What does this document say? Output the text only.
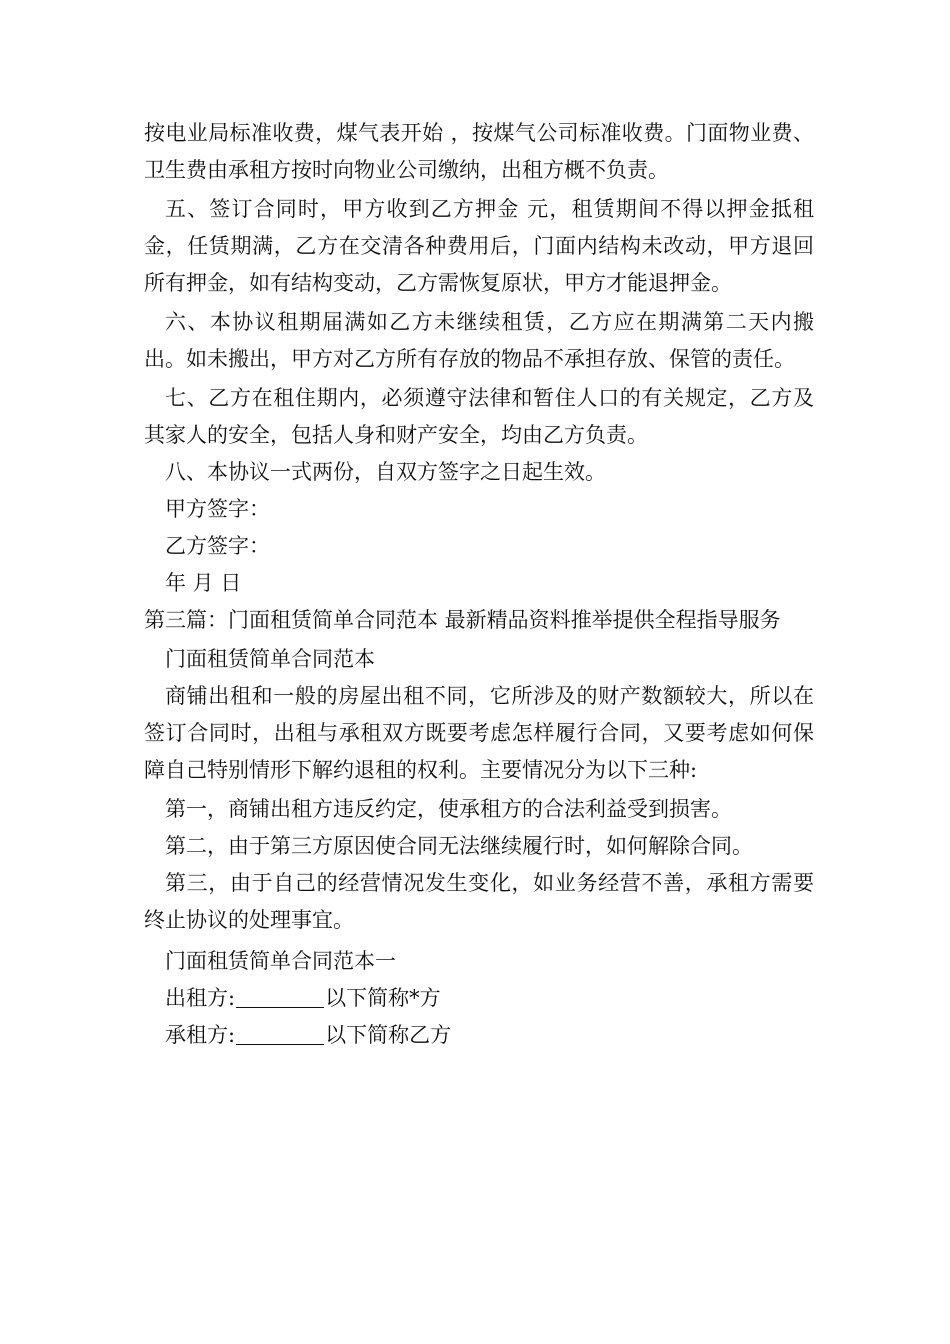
按电业局标准收费，煤气表开始 ，按煤气公司标准收费。门面物业费、卫生费由承租方按时向物业公司缴纳，出租方概不负责。

五、签订合同时，甲方收到乙方押金 元，租赁期间不得以押金抵租金，任赁期满，乙方在交清各种费用后，门面内结构未改动，甲方退回所有押金，如有结构变动，乙方需恢复原状，甲方才能退押金。

六、本协议租期届满如乙方未继续租赁，乙方应在期满第二天内搬出。如未搬出，甲方对乙方所有存放的物品不承担存放、保管的责任。

七、乙方在租住期内，必须遵守法律和暂住人口的有关规定，乙方及其家人的安全，包括人身和财产安全，均由乙方负责。

八、本协议一式两份，自双方签字之日起生效。

甲方签字：

乙方签字：

年 月 日

第三篇：门面租赁简单合同范本 最新精品资料推举提供全程指导服务

门面租赁简单合同范本

商铺出租和一般的房屋出租不同，它所涉及的财产数额较大，所以在签订合同时，出租与承租双方既要考虑怎样履行合同，又要考虑如何保障自己特别情形下解约退租的权利。主要情况分为以下三种:

第一，商铺出租方违反约定，使承租方的合法利益受到损害。

第二，由于第三方原因使合同无法继续履行时，如何解除合同。

第三，由于自己的经营情况发生变化，如业务经营不善，承租方需要终止协议的处理事宜。

门面租赁简单合同范本一

出租方:	以下简称*方

承租方:	以下简称乙方
